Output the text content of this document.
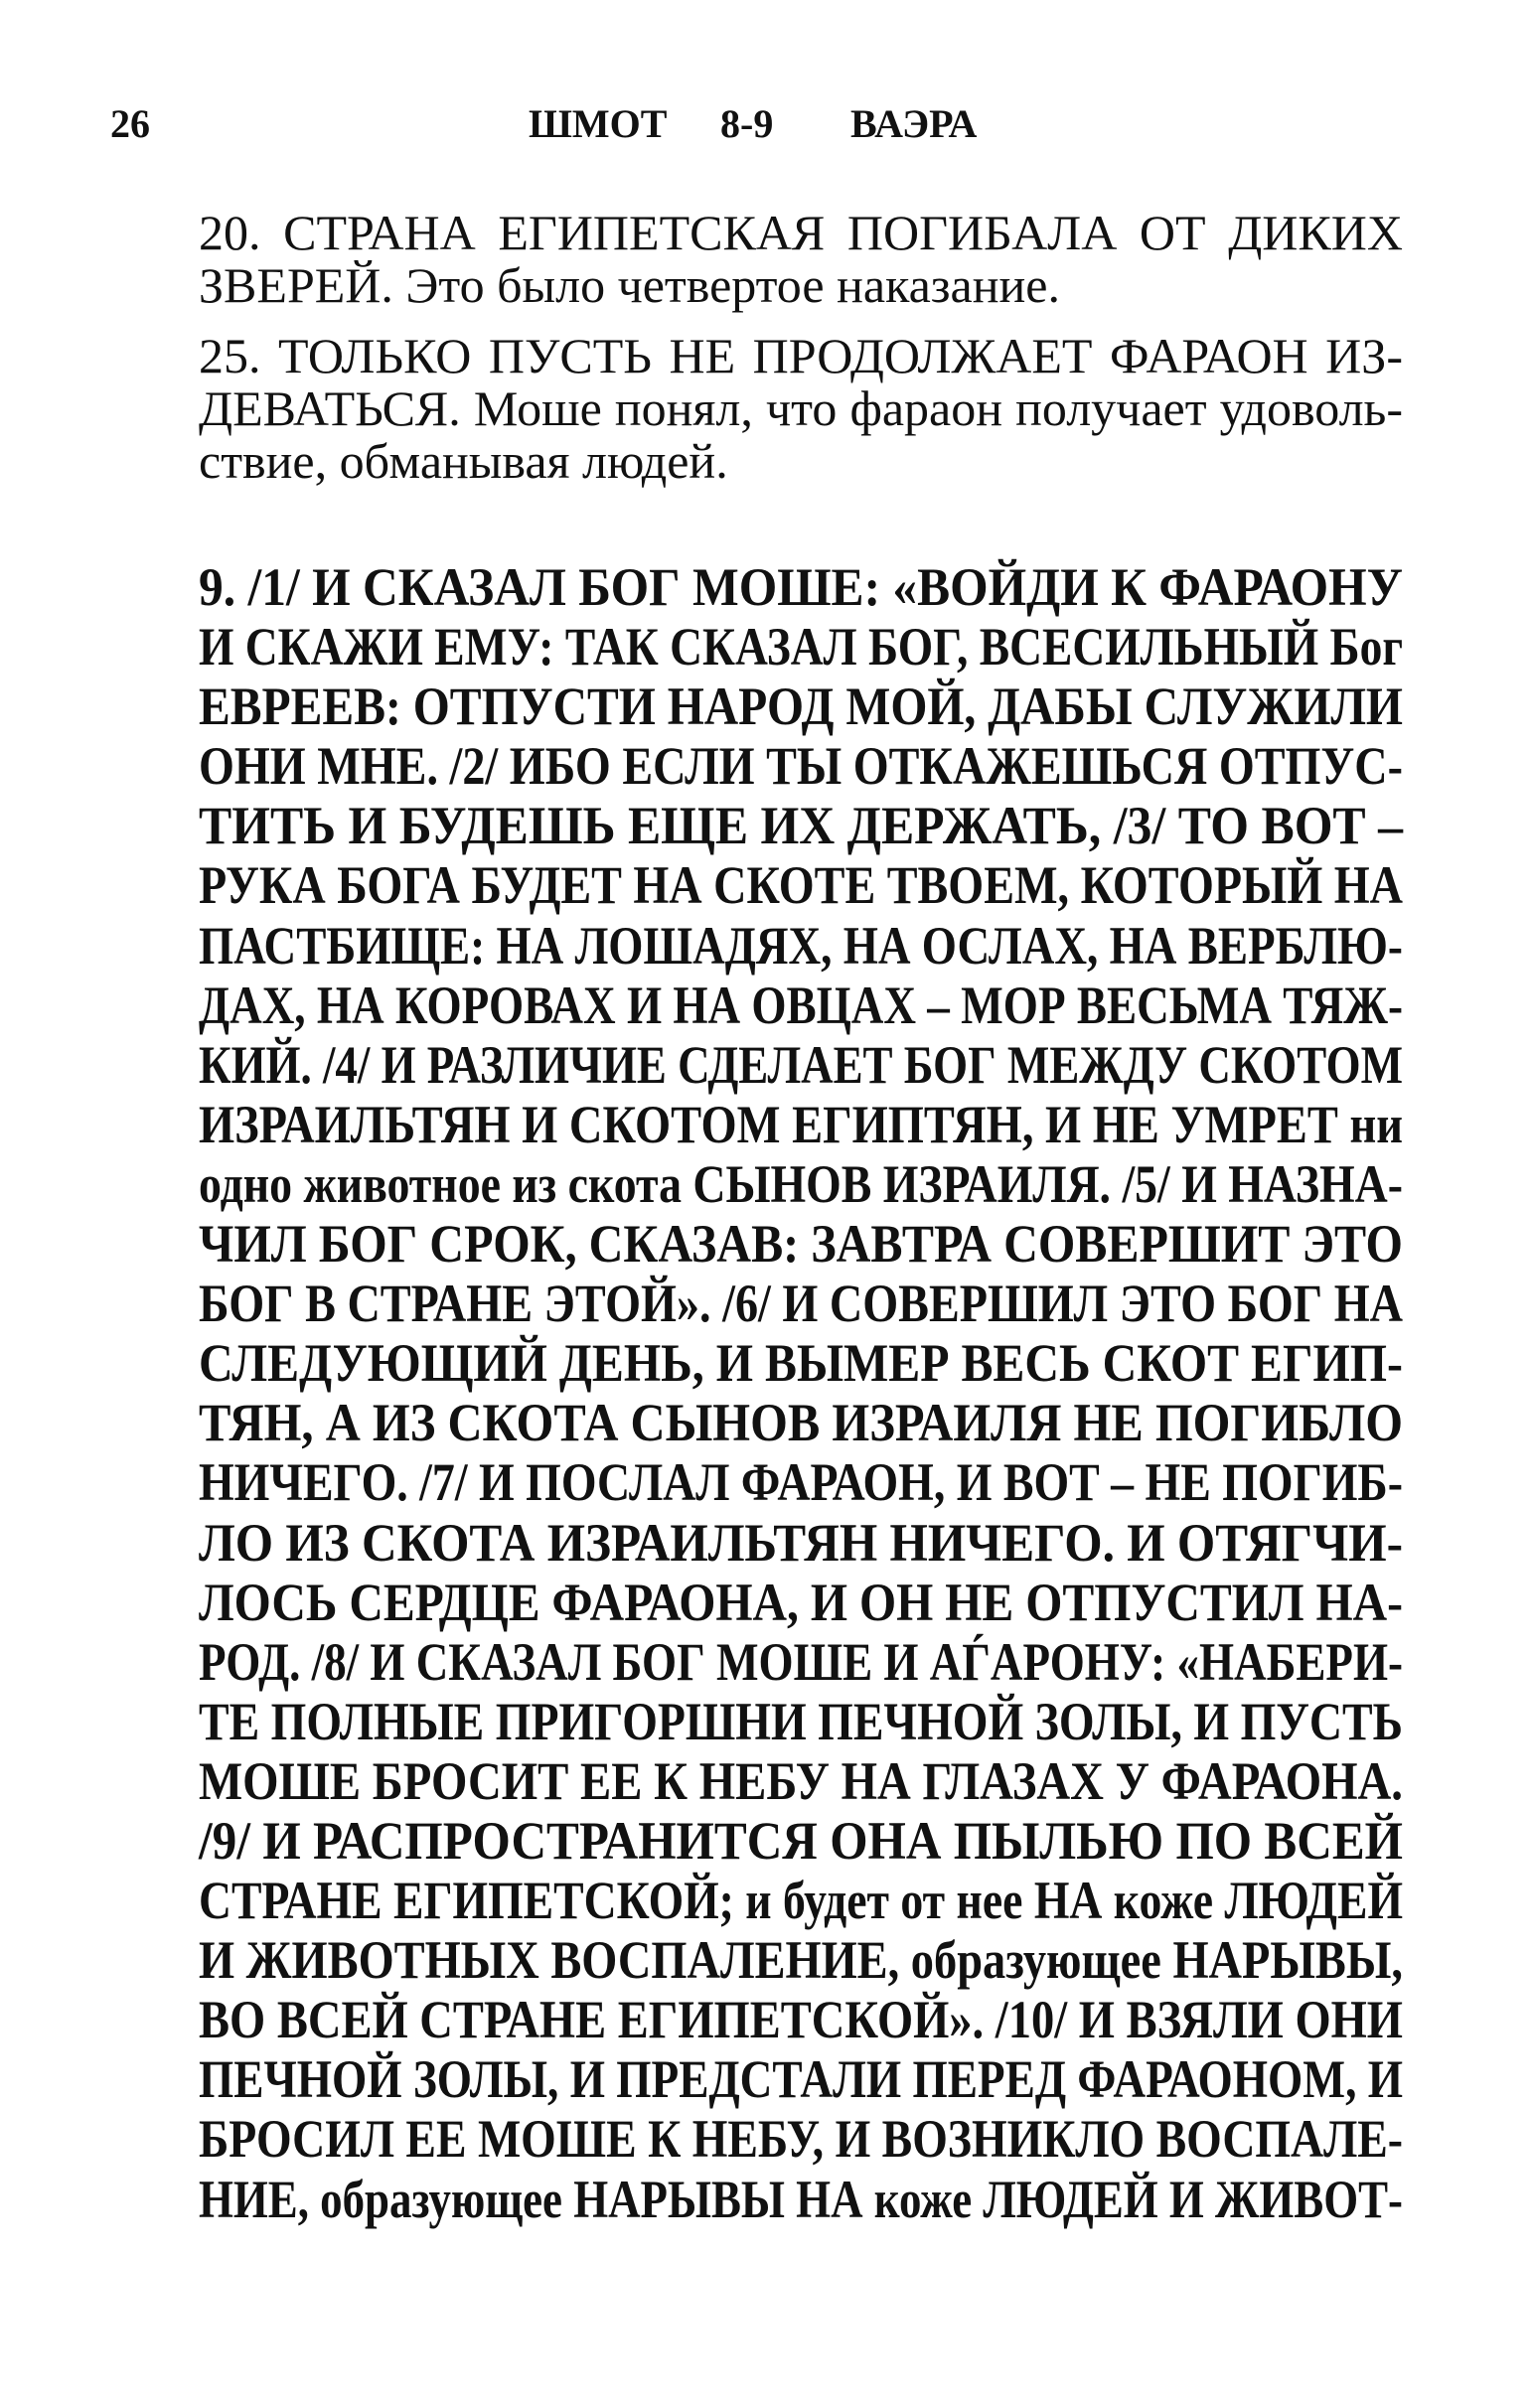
26	ШМОТ 8-9 ВАЭРА
20. СТРАНА ЕГИПЕТСКАЯ ПОГИБАЛА ОТ ДИКИХ
ЗВЕРЕЙ. Это было четвертое наказание.
25. ТОЛЬКО ПУСТЬ НЕ ПРОДОЛЖАЕТ ФАРАОН ИЗ-
ДЕВАТЬСЯ. Моше понял, что фараон получает удоволь-
ствие, обманывая людей.
9. /1/ И СКАЗАЛ БОГ МОШЕ: «ВОЙДИ К ФАРАОНУ
И СКАЖИ ЕМУ: ТАК СКАЗАЛ БОГ, ВСЕСИЛЬНЫЙ Бог
ЕВРЕЕВ: ОТПУСТИ НАРОД МОЙ, ДАБЫ СЛУЖИЛИ
ОНИ МНЕ. /2/ ИБО ЕСЛИ ТЫ ОТКАЖЕШЬСЯ ОТПУС-
ТИТЬ И БУДЕШЬ ЕЩЕ ИХ ДЕРЖАТЬ, /3/ ТО ВОТ –
РУКА БОГА БУДЕТ НА СКОТЕ ТВОЕМ, КОТОРЫЙ НА
ПАСТБИЩЕ: НА ЛОШАДЯХ, НА ОСЛАХ, НА ВЕРБЛЮ-
ДАХ, НА КОРОВАХ И НА ОВЦАХ – МОР ВЕСЬМА ТЯЖ-
КИЙ. /4/ И РАЗЛИЧИЕ СДЕЛАЕТ БОГ МЕЖДУ СКОТОМ
ИЗРАИЛЬТЯН И СКОТОМ ЕГИПТЯН, И НЕ УМРЕТ ни
одно животное из скота СЫНОВ ИЗРАИЛЯ. /5/ И НАЗНА-
ЧИЛ БОГ СРОК, СКАЗАВ: ЗАВТРА СОВЕРШИТ ЭТО
БОГ В СТРАНЕ ЭТОЙ». /6/ И СОВЕРШИЛ ЭТО БОГ НА
СЛЕДУЮЩИЙ ДЕНЬ, И ВЫМЕР ВЕСЬ СКОТ ЕГИП-
ТЯН, А ИЗ СКОТА СЫНОВ ИЗРАИЛЯ НЕ ПОГИБЛО
НИЧЕГО. /7/ И ПОСЛАЛ ФАРАОН, И ВОТ – НЕ ПОГИБ-
ЛО ИЗ СКОТА ИЗРАИЛЬТЯН НИЧЕГО. И ОТЯГЧИ-
ЛОСЬ СЕРДЦЕ ФАРАОНА, И ОН НЕ ОТПУСТИЛ НА-
РОД. /8/ И СКАЗАЛ БОГ МОШЕ И АЃАРОНУ: «НАБЕРИ-
ТЕ ПОЛНЫЕ ПРИГОРШНИ ПЕЧНОЙ ЗОЛЫ, И ПУСТЬ
МОШЕ БРОСИТ ЕЕ К НЕБУ НА ГЛАЗАХ У ФАРАОНА.
/9/ И РАСПРОСТРАНИТСЯ ОНА ПЫЛЬЮ ПО ВСЕЙ
СТРАНЕ ЕГИПЕТСКОЙ; и будет от нее НА коже ЛЮДЕЙ
И ЖИВОТНЫХ ВОСПАЛЕНИЕ, образующее НАРЫВЫ,
ВО ВСЕЙ СТРАНЕ ЕГИПЕТСКОЙ». /10/ И ВЗЯЛИ ОНИ
ПЕЧНОЙ ЗОЛЫ, И ПРЕДСТАЛИ ПЕРЕД ФАРАОНОМ, И
БРОСИЛ ЕЕ МОШЕ К НЕБУ, И ВОЗНИКЛО ВОСПАЛЕ-
НИЕ, образующее НАРЫВЫ НА коже ЛЮДЕЙ И ЖИВОТ-
